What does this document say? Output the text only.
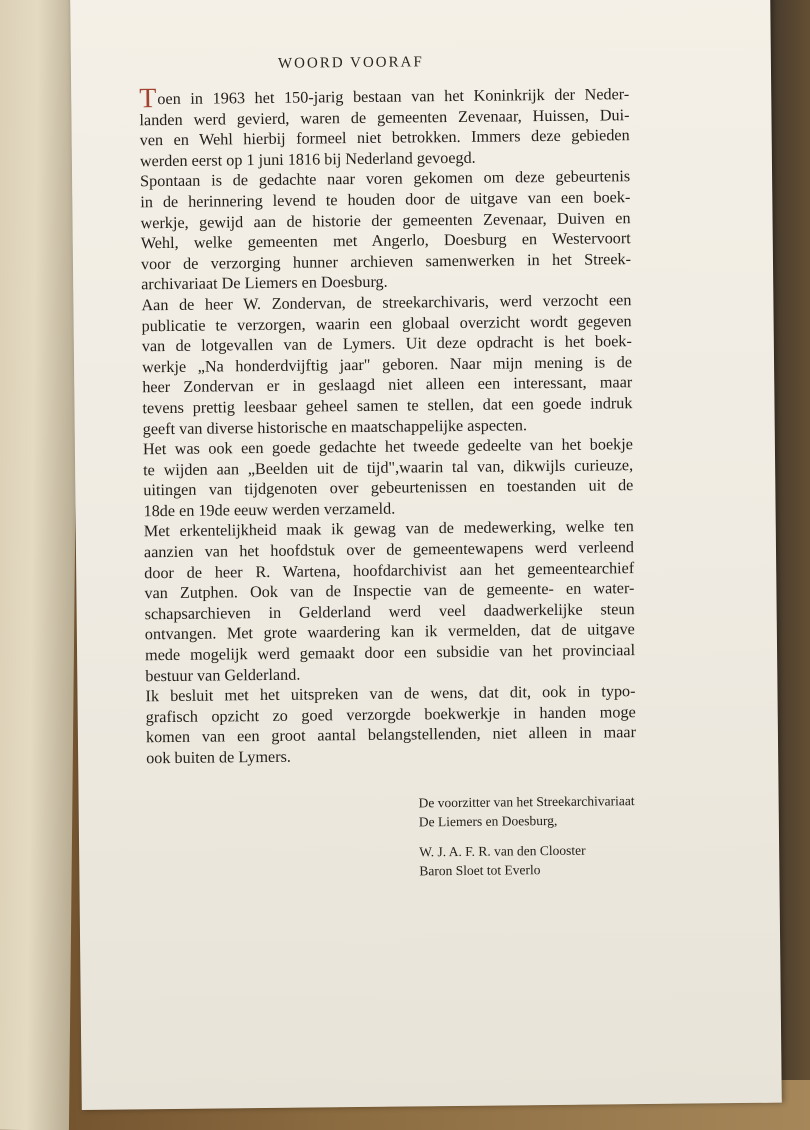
WOORD VOORAF
Toen in 1963 het 150-jarig bestaan van het Koninkrijk der Neder-
landen werd gevierd, waren de gemeenten Zevenaar, Huissen, Dui-
ven en Wehl hierbij formeel niet betrokken. Immers deze gebieden
werden eerst op 1 juni 1816 bij Nederland gevoegd.
Spontaan is de gedachte naar voren gekomen om deze gebeurtenis
in de herinnering levend te houden door de uitgave van een boek-
werkje, gewijd aan de historie der gemeenten Zevenaar, Duiven en
Wehl, welke gemeenten met Angerlo, Doesburg en Westervoort
voor de verzorging hunner archieven samenwerken in het Streek-
archivariaat De Liemers en Doesburg.
Aan de heer W. Zondervan, de streekarchivaris, werd verzocht een
publicatie te verzorgen, waarin een globaal overzicht wordt gegeven
van de lotgevallen van de Lymers. Uit deze opdracht is het boek-
werkje „Na honderdvijftig jaar" geboren. Naar mijn mening is de
heer Zondervan er in geslaagd niet alleen een interessant, maar
tevens prettig leesbaar geheel samen te stellen, dat een goede indruk
geeft van diverse historische en maatschappelijke aspecten.
Het was ook een goede gedachte het tweede gedeelte van het boekje
te wijden aan „Beelden uit de tijd",waarin tal van, dikwijls curieuze,
uitingen van tijdgenoten over gebeurtenissen en toestanden uit de
18de en 19de eeuw werden verzameld.
Met erkentelijkheid maak ik gewag van de medewerking, welke ten
aanzien van het hoofdstuk over de gemeentewapens werd verleend
door de heer R. Wartena, hoofdarchivist aan het gemeentearchief
van Zutphen. Ook van de Inspectie van de gemeente- en water-
schapsarchieven in Gelderland werd veel daadwerkelijke steun
ontvangen. Met grote waardering kan ik vermelden, dat de uitgave
mede mogelijk werd gemaakt door een subsidie van het provinciaal
bestuur van Gelderland.
Ik besluit met het uitspreken van de wens, dat dit, ook in typo-
grafisch opzicht zo goed verzorgde boekwerkje in handen moge
komen van een groot aantal belangstellenden, niet alleen in maar
ook buiten de Lymers.
De voorzitter van het Streekarchivariaat
De Liemers en Doesburg,
W. J. A. F. R. van den Clooster
Baron Sloet tot Everlo
